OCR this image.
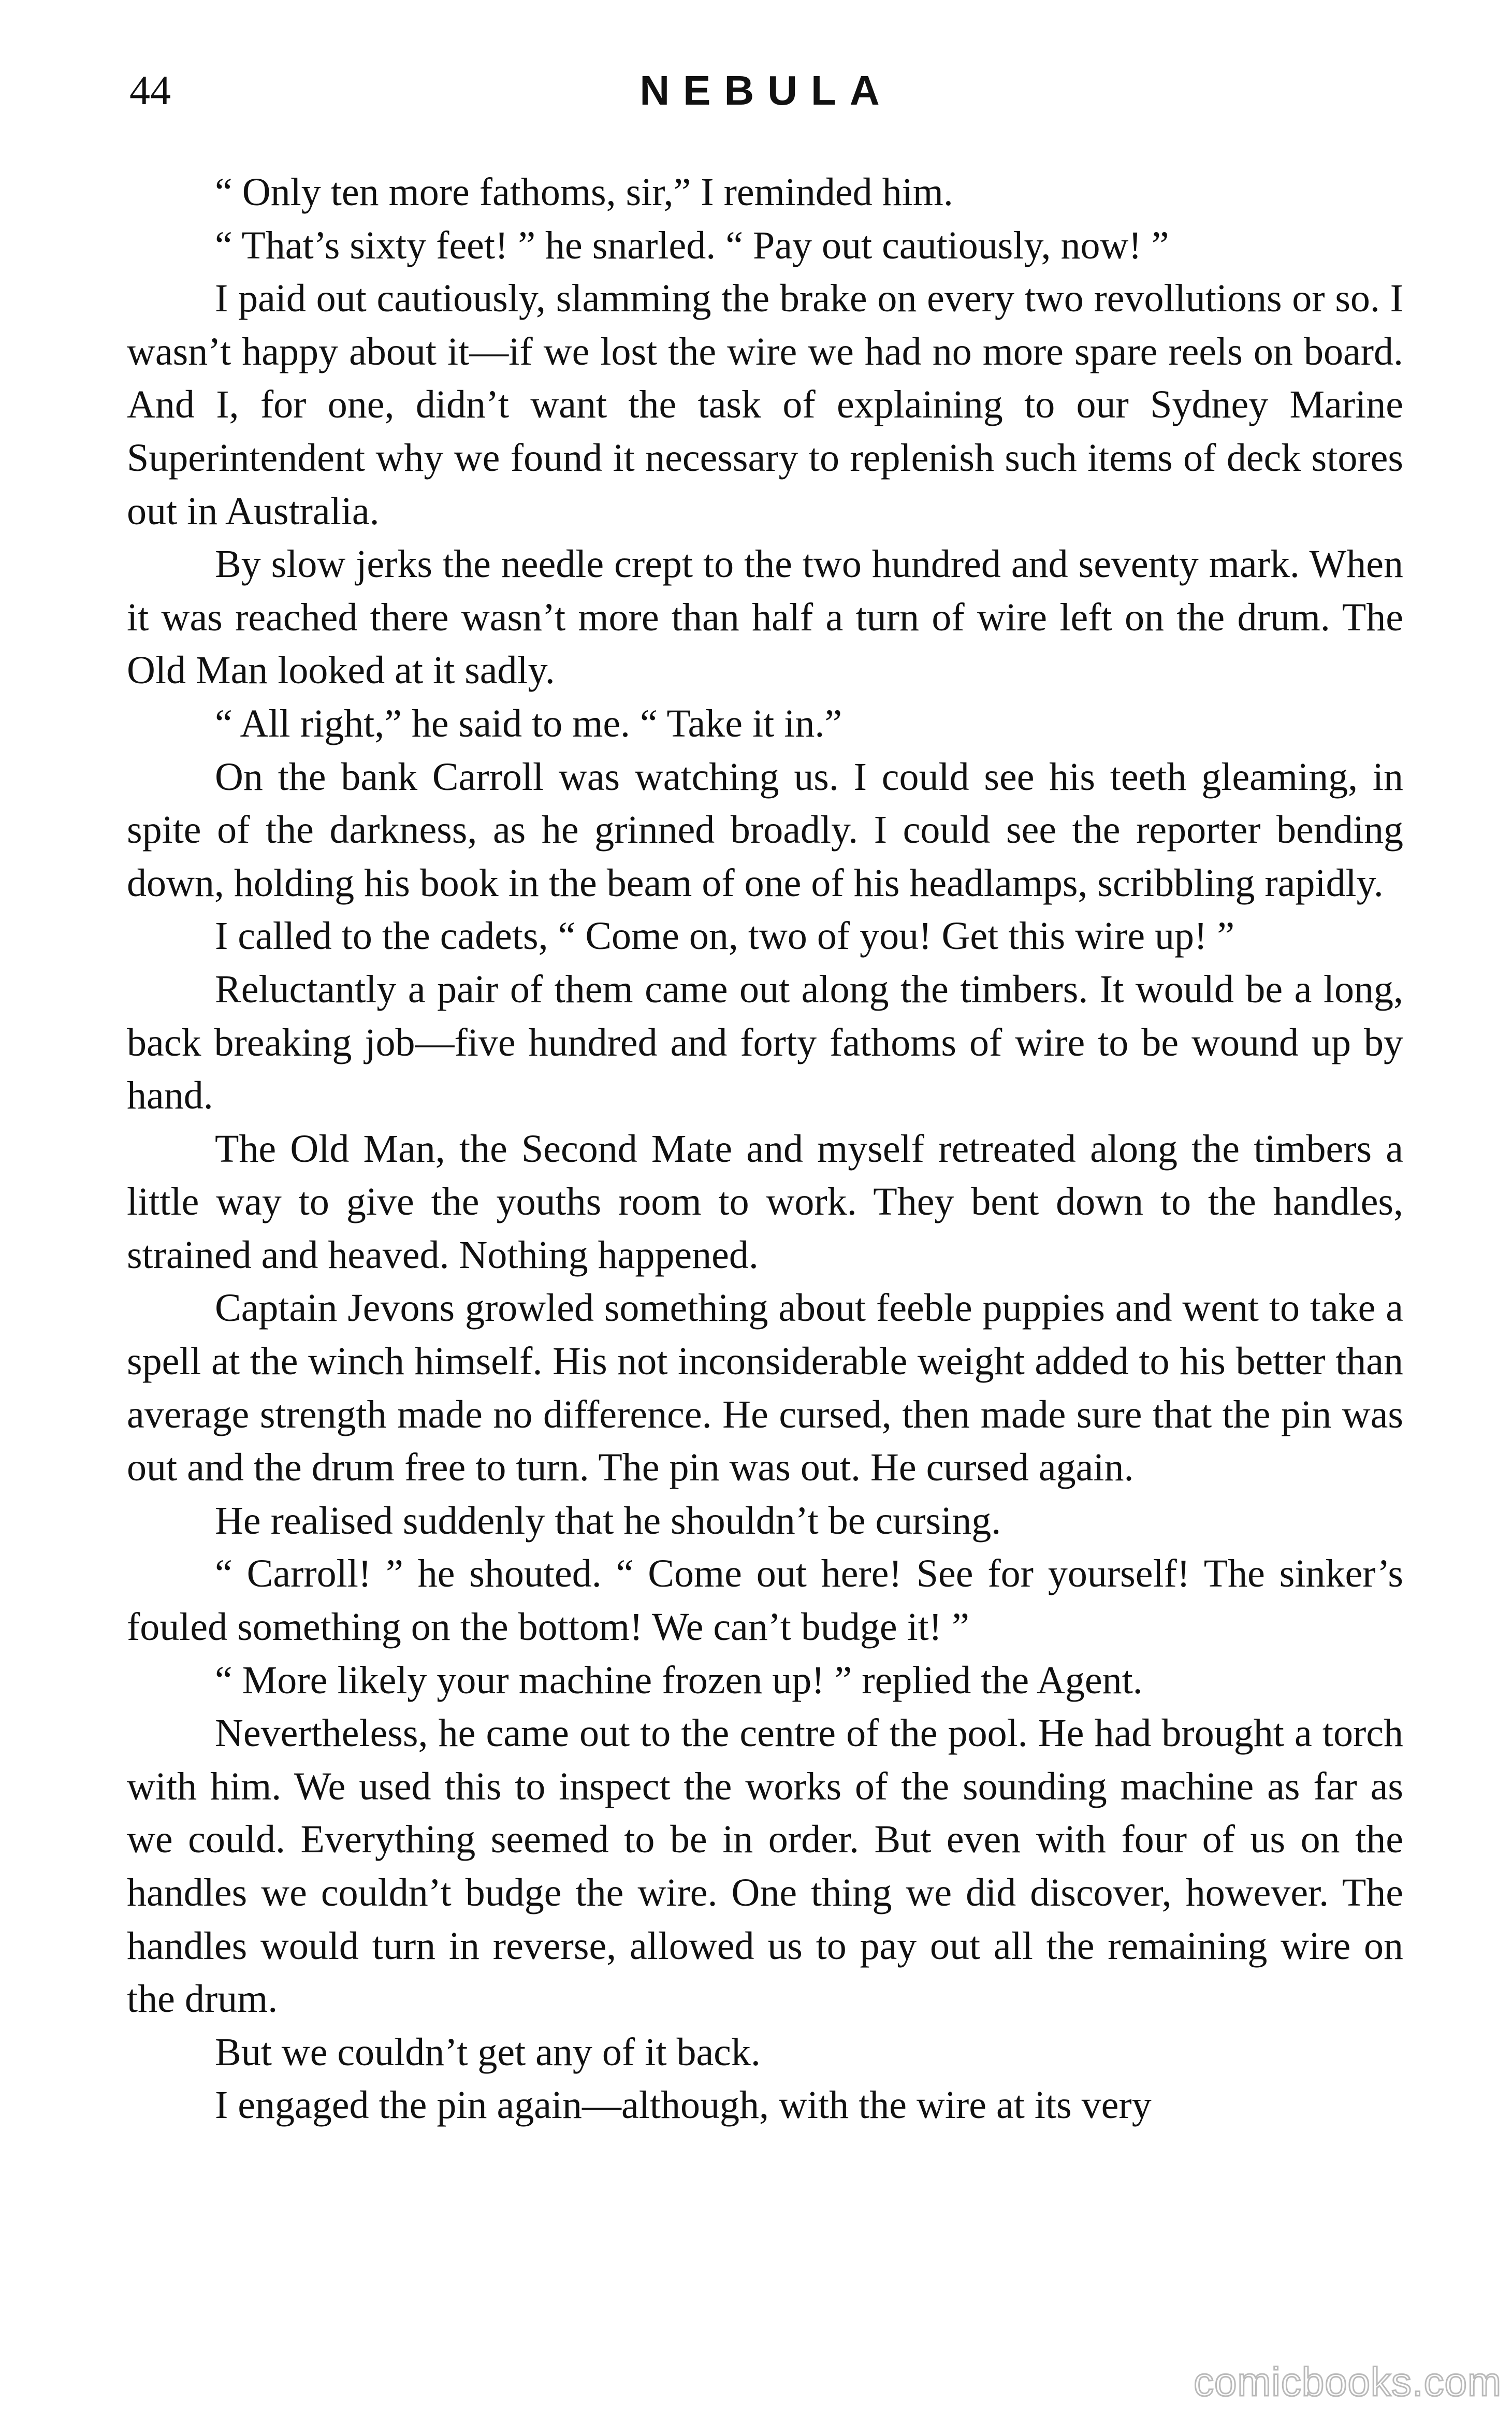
44	NEBULA

“ Only ten more fathoms, sir,” I reminded him.

“ That’s sixty feet! ” he snarled. “ Pay out cautiously, now! ”

I paid out cautiously, slamming the brake on every two revollutions or so. I wasn’t happy about it—if we lost the wire we had no more spare reels on board. And I, for one, didn’t want the task of explaining to our Sydney Marine Superintendent why we found it necessary to replenish such items of deck stores out in Australia.

By slow jerks the needle crept to the two hundred and seventy mark. When it was reached there wasn’t more than half a turn of wire left on the drum. The Old Man looked at it sadly.

“ All right,” he said to me. “ Take it in.”

On the bank Carroll was watching us. I could see his teeth gleaming, in spite of the darkness, as he grinned broadly. I could see the reporter bending down, holding his book in the beam of one of his headlamps, scribbling rapidly.

I called to the cadets, “ Come on, two of you! Get this wire up! ”

Reluctantly a pair of them came out along the timbers. It would be a long, back breaking job—five hundred and forty fathoms of wire to be wound up by hand.

The Old Man, the Second Mate and myself retreated along the timbers a little way to give the youths room to work. They bent down to the handles, strained and heaved. Nothing happened.

Captain Jevons growled something about feeble puppies and went to take a spell at the winch himself. His not inconsiderable weight added to his better than average strength made no difference. He cursed, then made sure that the pin was out and the drum free to turn. The pin was out. He cursed again.

He realised suddenly that he shouldn’t be cursing.

“ Carroll! ” he shouted. “ Come out here! See for yourself! The sinker’s fouled something on the bottom! We can’t budge it! ”

“ More likely your machine frozen up! ” replied the Agent.

Nevertheless, he came out to the centre of the pool. He had brought a torch with him. We used this to inspect the works of the sounding machine as far as we could. Everything seemed to be in order. But even with four of us on the handles we couldn’t budge the wire. One thing we did discover, however. The handles would turn in reverse, allowed us to pay out all the remaining wire on the drum.

But we couldn’t get any of it back.

I engaged the pin again—although, with the wire at its very

comicbooks.com
